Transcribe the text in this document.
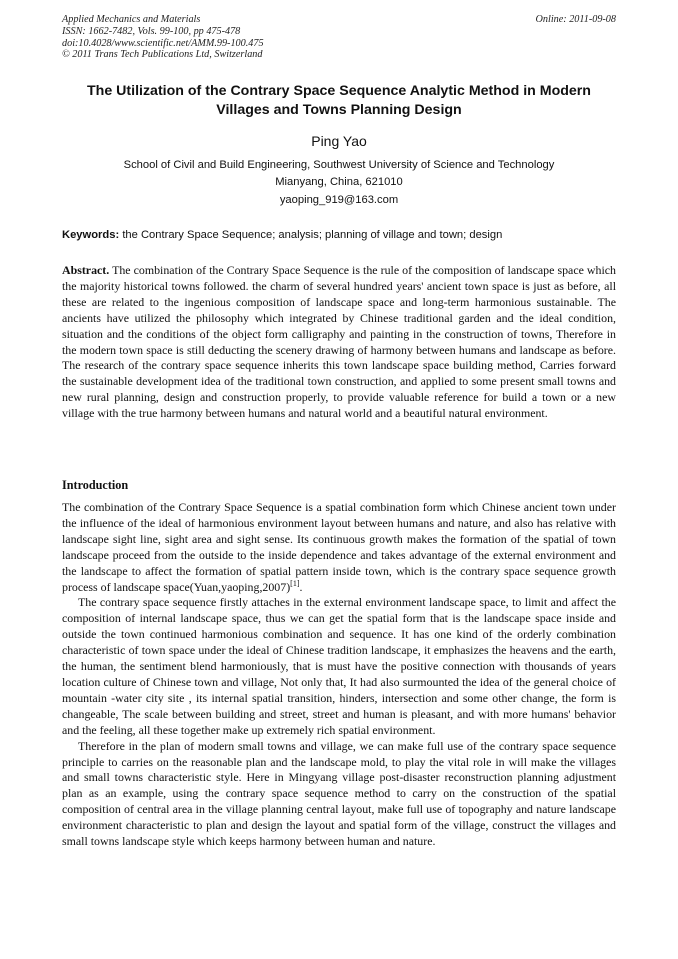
Applied Mechanics and Materials
ISSN: 1662-7482, Vols. 99-100, pp 475-478
doi:10.4028/www.scientific.net/AMM.99-100.475
© 2011 Trans Tech Publications Ltd, Switzerland
Online: 2011-09-08
The Utilization of the Contrary Space Sequence Analytic Method in Modern Villages and Towns Planning Design
Ping Yao
School of Civil and Build Engineering, Southwest University of Science and Technology
Mianyang, China, 621010
yaoping_919@163.com
Keywords: the Contrary Space Sequence; analysis; planning of village and town; design
Abstract. The combination of the Contrary Space Sequence is the rule of the composition of landscape space which the majority historical towns followed. the charm of several hundred years' ancient town space is just as before, all these are related to the ingenious composition of landscape space and long-term harmonious sustainable. The ancients have utilized the philosophy which integrated by Chinese traditional garden and the ideal condition, situation and the conditions of the object form calligraphy and painting in the construction of towns, Therefore in the modern town space is still deducting the scenery drawing of harmony between humans and landscape as before. The research of the contrary space sequence inherits this town landscape space building method, Carries forward the sustainable development idea of the traditional town construction, and applied to some present small towns and new rural planning, design and construction properly, to provide valuable reference for build a town or a new village with the true harmony between humans and natural world and a beautiful natural environment.
Introduction

The combination of the Contrary Space Sequence is a spatial combination form which Chinese ancient town under the influence of the ideal of harmonious environment layout between humans and nature, and also has relative with landscape sight line, sight area and sight sense. Its continuous growth makes the formation of the spatial of town landscape proceed from the outside to the inside dependence and takes advantage of the external environment and the landscape to affect the formation of spatial pattern inside town, which is the contrary space sequence growth process of landscape space(Yuan,yaoping,2007)[1].

The contrary space sequence firstly attaches in the external environment landscape space, to limit and affect the composition of internal landscape space, thus we can get the spatial form that is the landscape space inside and outside the town continued harmonious combination and sequence. It has one kind of the orderly combination characteristic of town space under the ideal of Chinese tradition landscape, it emphasizes the heavens and the earth, the human, the sentiment blend harmoniously, that is must have the positive connection with thousands of years location culture of Chinese town and village, Not only that, It had also surmounted the idea of the general choice of mountain -water city site , its internal spatial transition, hinders, intersection and some other change, the form is changeable, The scale between building and street, street and human is pleasant, and with more humans' behavior and the feeling, all these together make up extremely rich spatial environment.

Therefore in the plan of modern small towns and village, we can make full use of the contrary space sequence principle to carries on the reasonable plan and the landscape mold, to play the vital role in will make the villages and small towns characteristic style. Here in Mingyang village post-disaster reconstruction planning adjustment plan as an example, using the contrary space sequence method to carry on the construction of the spatial composition of central area in the village planning central layout, make full use of topography and nature landscape environment characteristic to plan and design the layout and spatial form of the village, construct the villages and small towns landscape style which keeps harmony between human and nature.
